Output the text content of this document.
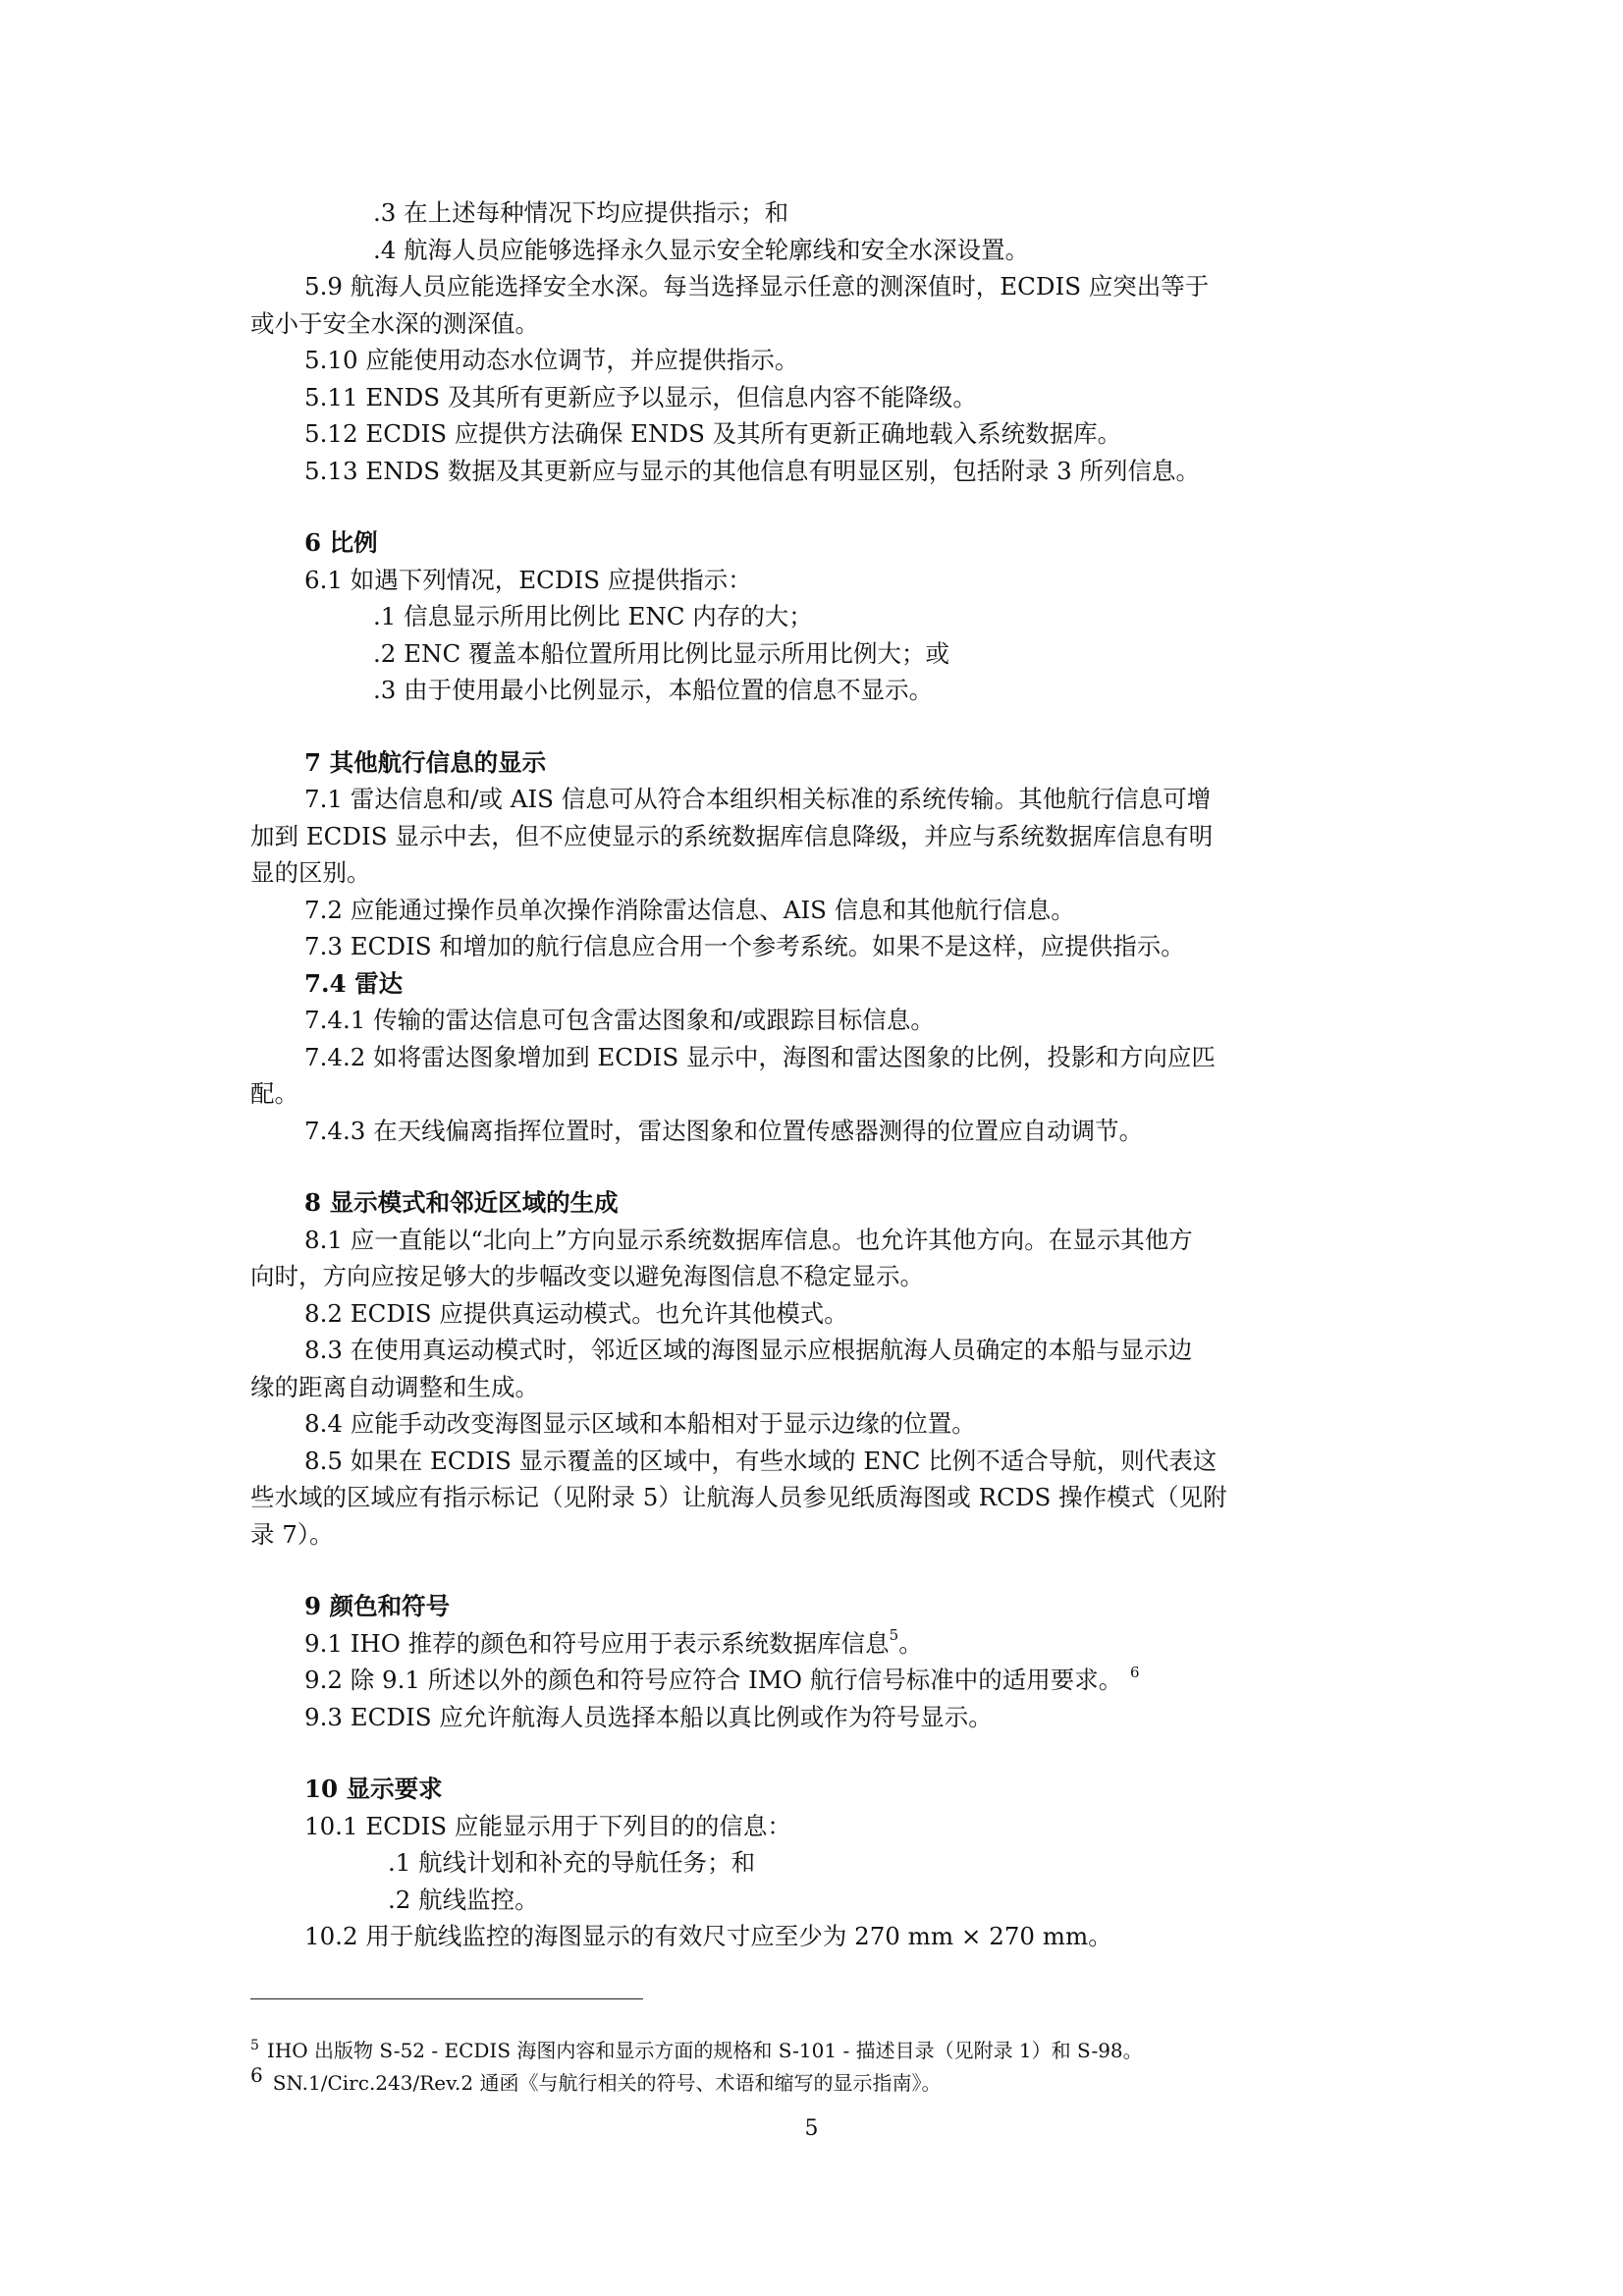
.3 在上述每种情况下均应提供指示；和
.4 航海人员应能够选择永久显示安全轮廓线和安全水深设置。
5.9 航海人员应能选择安全水深。每当选择显示任意的测深值时，ECDIS 应突出等于
或小于安全水深的测深值。
5.10 应能使用动态水位调节，并应提供指示。
5.11 ENDS 及其所有更新应予以显示，但信息内容不能降级。
5.12 ECDIS 应提供方法确保 ENDS 及其所有更新正确地载入系统数据库。
5.13 ENDS 数据及其更新应与显示的其他信息有明显区别，包括附录 3 所列信息。
6 比例
6.1 如遇下列情况，ECDIS 应提供指示：
.1 信息显示所用比例比 ENC 内存的大；
.2 ENC 覆盖本船位置所用比例比显示所用比例大；或
.3 由于使用最小比例显示，本船位置的信息不显示。
7 其他航行信息的显示
7.1 雷达信息和/或 AIS 信息可从符合本组织相关标准的系统传输。其他航行信息可增
加到 ECDIS 显示中去，但不应使显示的系统数据库信息降级，并应与系统数据库信息有明
显的区别。
7.2 应能通过操作员单次操作消除雷达信息、AIS 信息和其他航行信息。
7.3 ECDIS 和增加的航行信息应合用一个参考系统。如果不是这样，应提供指示。
7.4 雷达
7.4.1 传输的雷达信息可包含雷达图象和/或跟踪目标信息。
7.4.2 如将雷达图象增加到 ECDIS 显示中，海图和雷达图象的比例，投影和方向应匹
配。
7.4.3 在天线偏离指挥位置时，雷达图象和位置传感器测得的位置应自动调节。
8 显示模式和邻近区域的生成
8.1 应一直能以“北向上”方向显示系统数据库信息。也允许其他方向。在显示其他方
向时，方向应按足够大的步幅改变以避免海图信息不稳定显示。
8.2 ECDIS 应提供真运动模式。也允许其他模式。
8.3 在使用真运动模式时，邻近区域的海图显示应根据航海人员确定的本船与显示边
缘的距离自动调整和生成。
8.4 应能手动改变海图显示区域和本船相对于显示边缘的位置。
8.5 如果在 ECDIS 显示覆盖的区域中，有些水域的 ENC 比例不适合导航，则代表这
些水域的区域应有指示标记（见附录 5）让航海人员参见纸质海图或 RCDS 操作模式（见附
录 7）。
9 颜色和符号
9.1 IHO 推荐的颜色和符号应用于表示系统数据库信息$^5$。
9.2 除 9.1 所述以外的颜色和符号应符合 IMO 航行信号标准中的适用要求。 $^6$
9.3 ECDIS 应允许航海人员选择本船以真比例或作为符号显示。
10 显示要求
10.1 ECDIS 应能显示用于下列目的的信息：
.1 航线计划和补充的导航任务；和
.2 航线监控。
10.2 用于航线监控的海图显示的有效尺寸应至少为 270 mm × 270 mm。
$^5$ IHO 出版物 S-52 - ECDIS 海图内容和显示方面的规格和 S-101 - 描述目录（见附录 1）和 S-98。
6 SN.1/Circ.243/Rev.2 通函《与航行相关的符号、术语和缩写的显示指南》。
5
